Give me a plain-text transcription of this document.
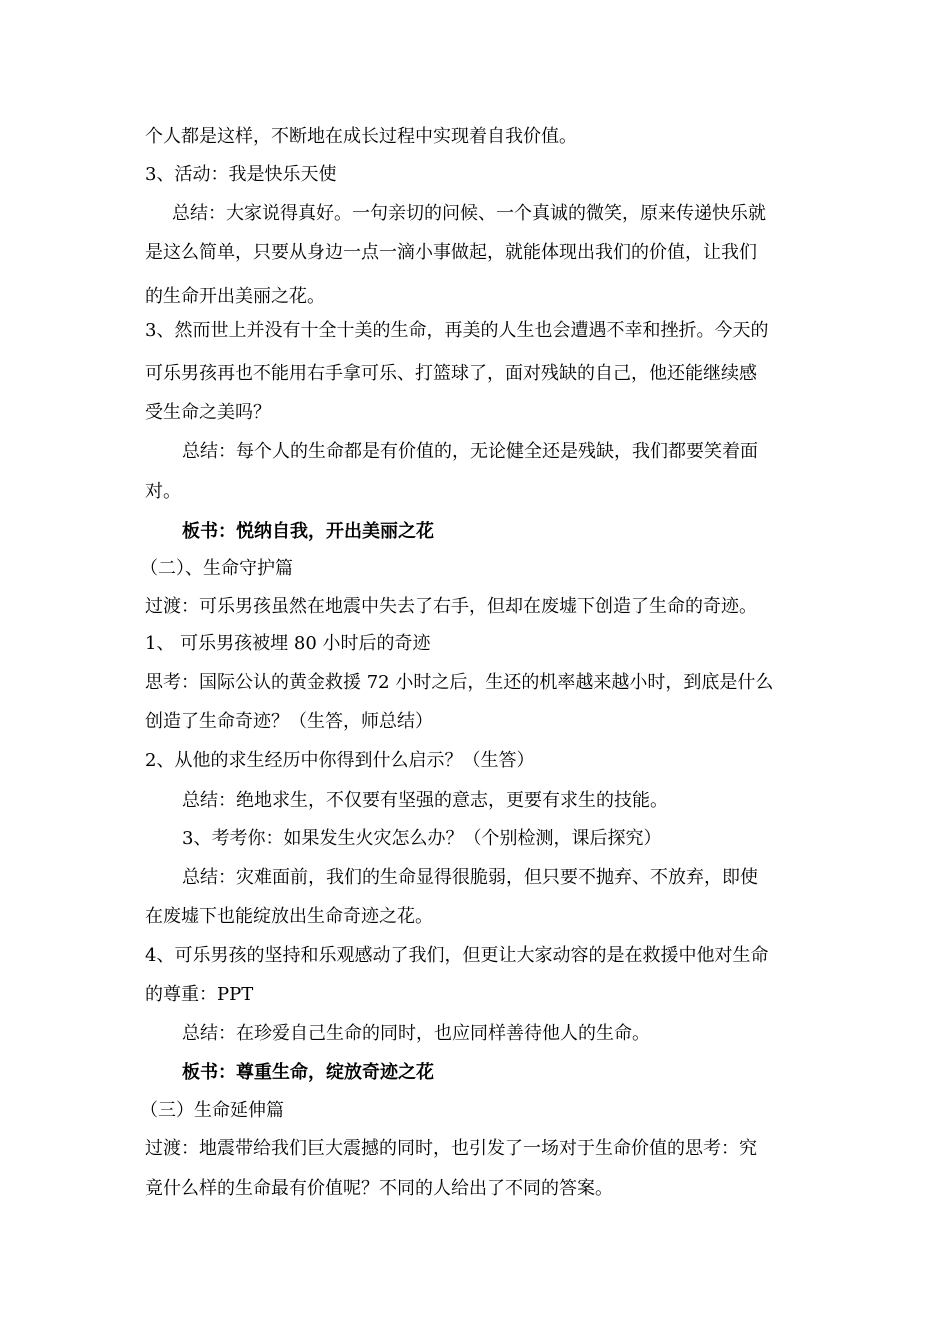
个人都是这样，不断地在成长过程中实现着自我价值。
3、活动：我是快乐天使
总结：大家说得真好。一句亲切的问候、一个真诚的微笑，原来传递快乐就
是这么简单，只要从身边一点一滴小事做起，就能体现出我们的价值，让我们
的生命开出美丽之花。
3、然而世上并没有十全十美的生命，再美的人生也会遭遇不幸和挫折。今天的
可乐男孩再也不能用右手拿可乐、打篮球了，面对残缺的自己，他还能继续感
受生命之美吗？
总结：每个人的生命都是有价值的，无论健全还是残缺，我们都要笑着面
对。
板书：悦纳自我，开出美丽之花
（二）、生命守护篇
过渡：可乐男孩虽然在地震中失去了右手，但却在废墟下创造了生命的奇迹。
1、 可乐男孩被埋 80 小时后的奇迹
思考：国际公认的黄金救援 72 小时之后，生还的机率越来越小时，到底是什么
创造了生命奇迹？（生答，师总结）
2、从他的求生经历中你得到什么启示？（生答）
总结：绝地求生，不仅要有坚强的意志，更要有求生的技能。
3、考考你：如果发生火灾怎么办？（个别检测，课后探究）
总结：灾难面前，我们的生命显得很脆弱，但只要不抛弃、不放弃，即使
在废墟下也能绽放出生命奇迹之花。
4、可乐男孩的坚持和乐观感动了我们，但更让大家动容的是在救援中他对生命
的尊重：PPT
总结：在珍爱自己生命的同时，也应同样善待他人的生命。
板书：尊重生命，绽放奇迹之花
（三）生命延伸篇
过渡：地震带给我们巨大震撼的同时，也引发了一场对于生命价值的思考：究
竟什么样的生命最有价值呢？不同的人给出了不同的答案。
